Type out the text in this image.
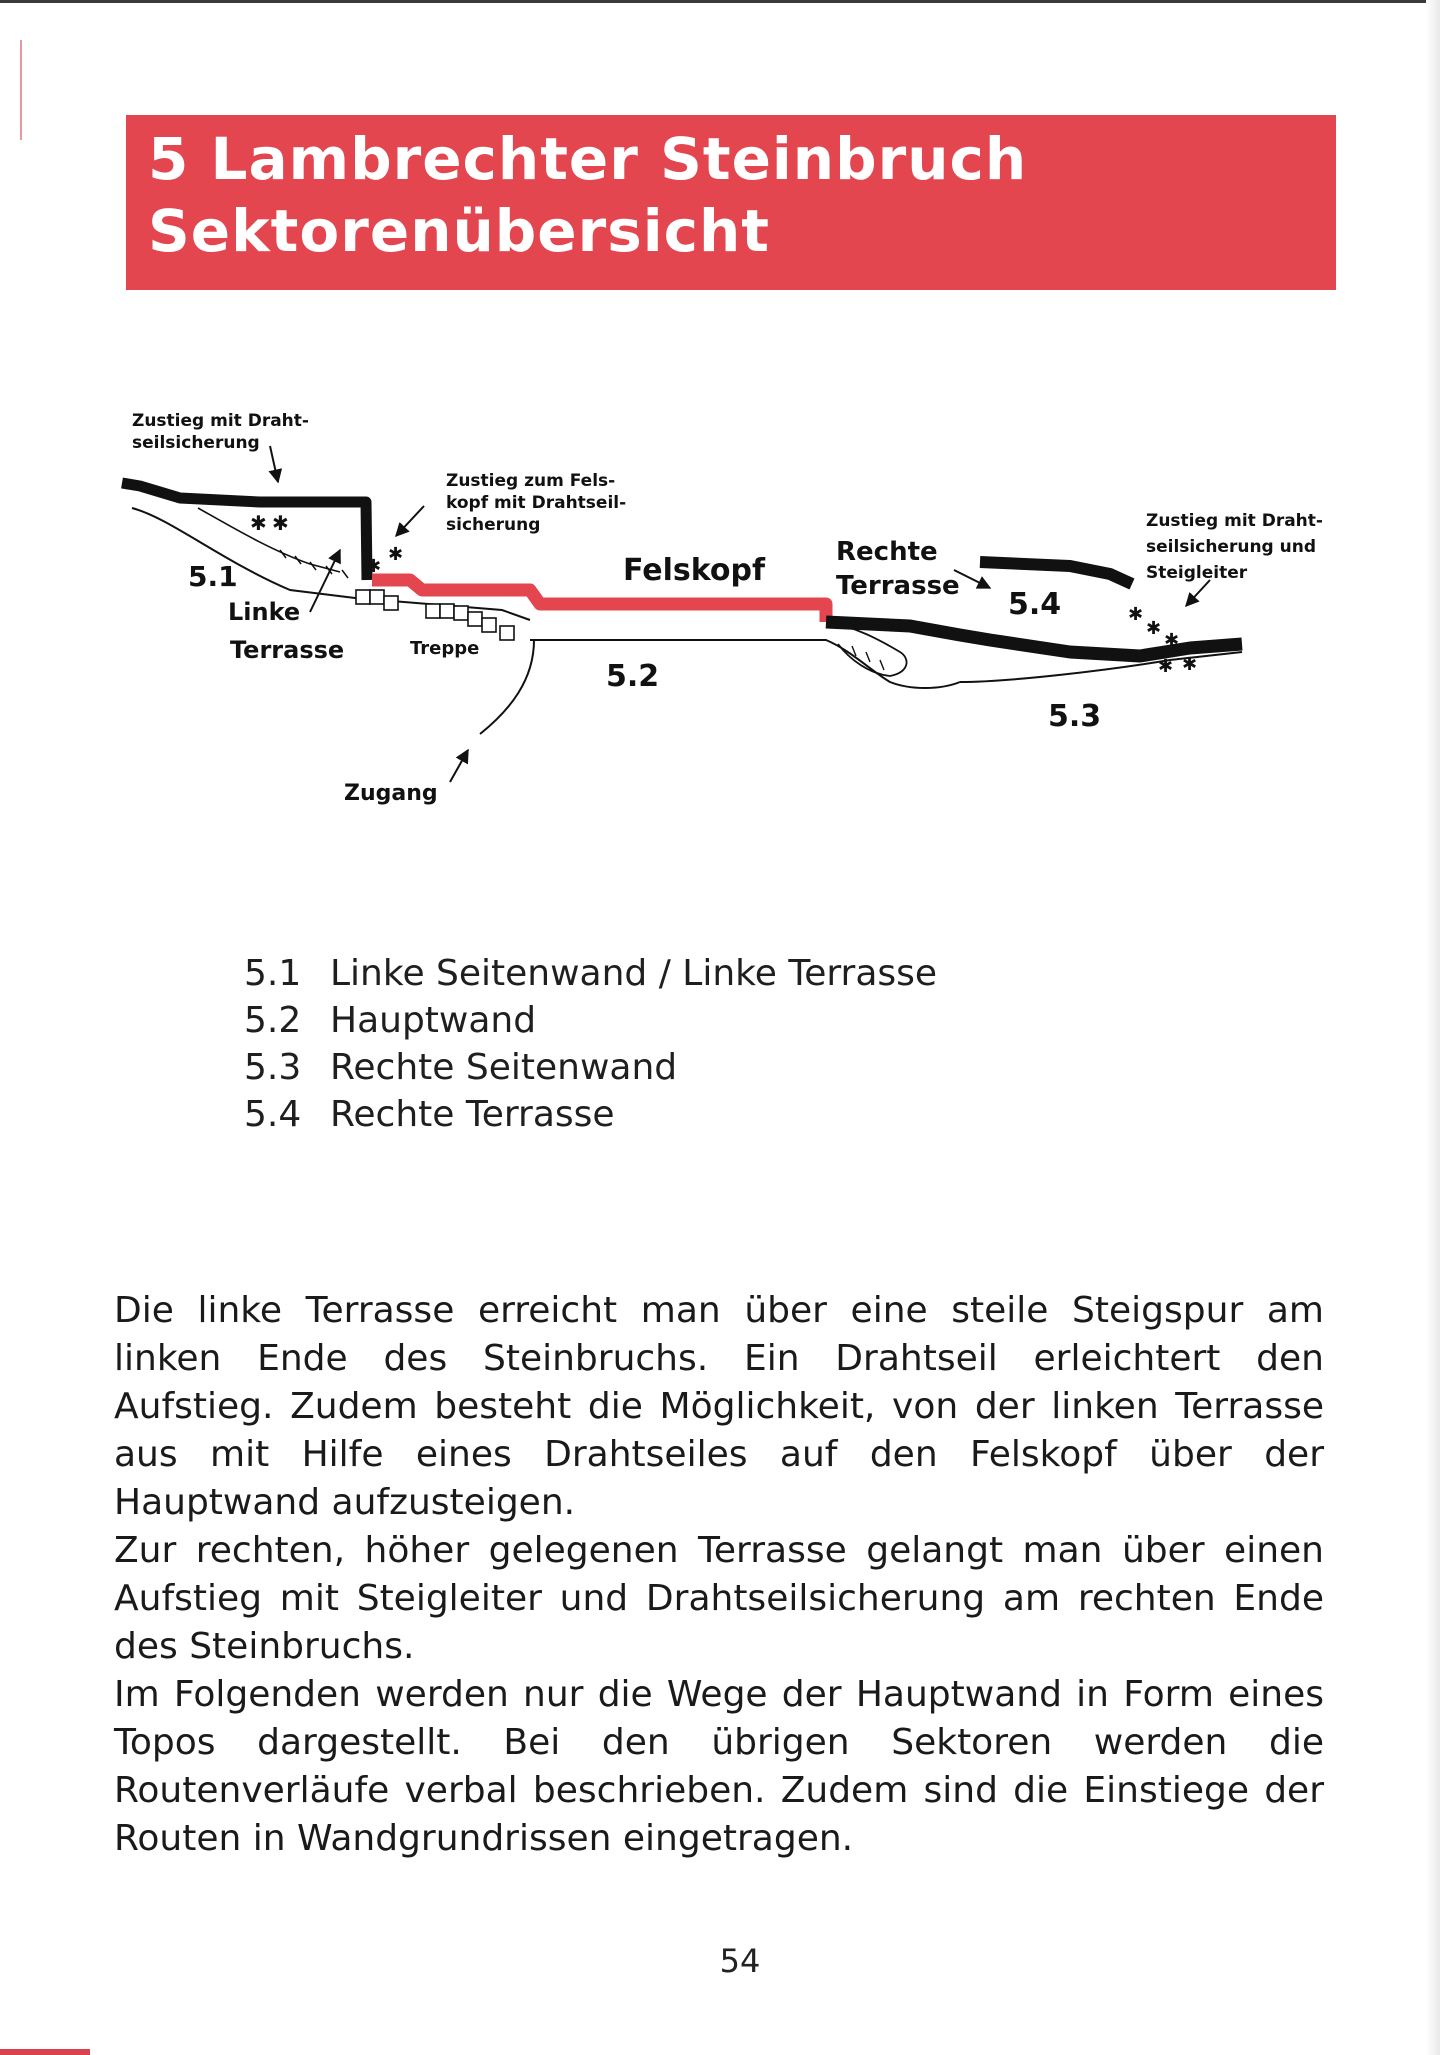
5 Lambrechter Steinbruch
Sektorenübersicht
✱ ✱
✱
✱
✱
✱
✱
✱ ✱
Zustieg mit Draht-
seilsicherung
Zustieg zum Fels-
kopf mit Drahtseil-
sicherung
Felskopf
Rechte
Terrasse
Zustieg mit Draht-
seilsicherung und
Steigleiter
5.1
Linke
Terrasse	Treppe
5.2
5.3
5.4
Zugang
5.1 Linke Seitenwand / Linke Terrasse
5.2 Hauptwand
5.3 Rechte Seitenwand
5.4 Rechte Terrasse

Die linke Terrasse erreicht man über eine steile Steigspur am linken Ende des Steinbruchs. Ein Drahtseil erleichtert den Aufstieg. Zudem besteht die Möglichkeit, von der linken Terrasse aus mit Hilfe eines Drahtseiles auf den Felskopf über der Hauptwand aufzusteigen.

Zur rechten, höher gelegenen Terrasse gelangt man über einen Aufstieg mit Steigleiter und Drahtseilsicherung am rechten Ende des Steinbruchs.

Im Folgenden werden nur die Wege der Hauptwand in Form eines Topos dargestellt. Bei den übrigen Sektoren werden die Routenverläufe verbal beschrieben. Zudem sind die Einstiege der Routen in Wandgrundrissen eingetragen.

54
